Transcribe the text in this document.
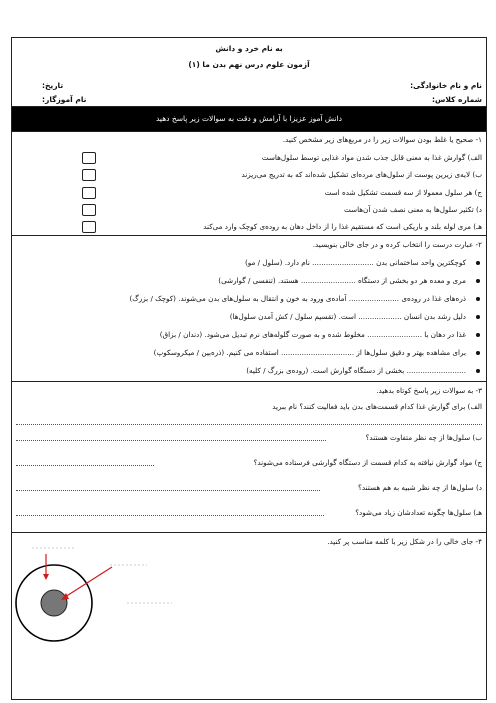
به نام خرد و دانش
آزمون علوم درس نهم بدن ما (۱)
نام و نام خانوادگی:
شماره کلاس:
تاریخ:
نام آموزگار:
دانش آموز عزیزا با آرامش و دقت به سوالات زیر پاسخ دهید
۱- صحیح یا غلط بودن سوالات زیر را در مربع‌های زیر مشخص کنید.
الف) گوارش غذا به معنی قابل جذب شدن مواد غذایی توسط سلول‌هاست
ب) لایه‌ی زیرین پوست از سلول‌های مرده‌ای تشکیل شده‌اند که به تدریج می‌ریزند
ج) هر سلول معمولا از سه قسمت تشکیل شده است
د) تکثیر سلول‌ها به معنی نصف شدن آن‌هاست
هـ) مری لوله بلند و باریکی است که مستقیم غذا را از داخل دهان به روده‌ی کوچک وارد می‌کند
۲- عبارت درست را انتخاب کرده و در جای خالی بنویسید.
کوچکترین واحد ساختمانی بدن ........................... نام دارد. (سلول / مو)
مری و معده هر دو بخشی از دستگاه ........................ هستند. (تنفسی / گوارشی)
ذره‌های غذا در روده‌ی ...................... آماده‌ی ورود به خون و انتقال به سلول‌های بدن می‌شوند. (کوچک / بزرگ)
دلیل رشد بدن انسان ................... است. (تقسیم سلول / کش آمدن سلول‌ها)
غذا در دهان با ........................ مخلوط شده و به صورت گلوله‌های نرم تبدیل می‌شود. (دندان / بزاق)
برای مشاهده بهتر و دقیق سلول‌ها از ................................ استفاده می کنیم. (ذره‌بین / میکروسکوپ)
.......................... بخشی از دستگاه گوارش است. (روده‌ی بزرگ / کلیه)
۳- به سوالات زیر پاسخ کوتاه بدهید.
الف) برای گوارش غذا کدام قسمت‌های بدن باید فعالیت کنند؟ نام ببرید
ب) سلول‌ها از چه نظر متفاوت هستند؟
ج) مواد گوارش نیافته به کدام قسمت از دستگاه گوارشی فرستاده می‌شوند؟
د) سلول‌ها از چه نظر شبیه به هم هستند؟
هـ) سلول‌ها چگونه تعدادشان زیاد می‌شود؟
۴- جای خالی را در شکل زیر با کلمه مناسب پر کنید.
